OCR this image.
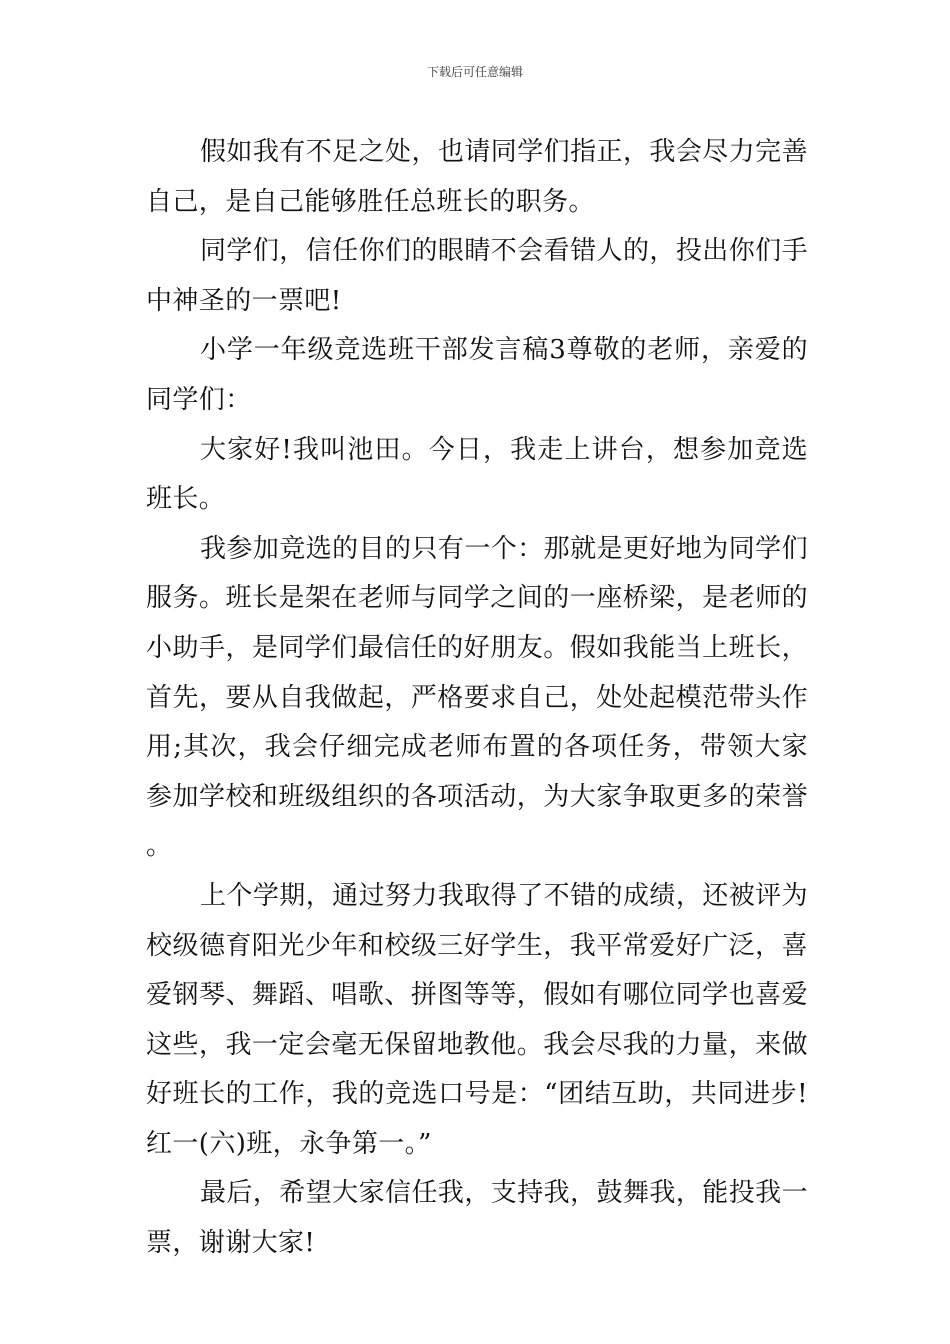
下载后可任意编辑

假如我有不足之处，也请同学们指正，我会尽力完善自己，是自己能够胜任总班长的职务。

同学们，信任你们的眼睛不会看错人的，投出你们手中神圣的一票吧!

小学一年级竞选班干部发言稿3尊敬的老师，亲爱的同学们：

大家好!我叫池田。今日，我走上讲台，想参加竞选班长。

我参加竞选的目的只有一个：那就是更好地为同学们服务。班长是架在老师与同学之间的一座桥梁，是老师的小助手，是同学们最信任的好朋友。假如我能当上班长，首先，要从自我做起，严格要求自己，处处起模范带头作用;其次，我会仔细完成老师布置的各项任务，带领大家参加学校和班级组织的各项活动，为大家争取更多的荣誉。

上个学期，通过努力我取得了不错的成绩，还被评为校级德育阳光少年和校级三好学生，我平常爱好广泛，喜爱钢琴、舞蹈、唱歌、拼图等等，假如有哪位同学也喜爱这些，我一定会毫无保留地教他。我会尽我的力量，来做好班长的工作，我的竞选口号是：“团结互助，共同进步!红一(六)班，永争第一。”

最后，希望大家信任我，支持我，鼓舞我，能投我一票，谢谢大家!
